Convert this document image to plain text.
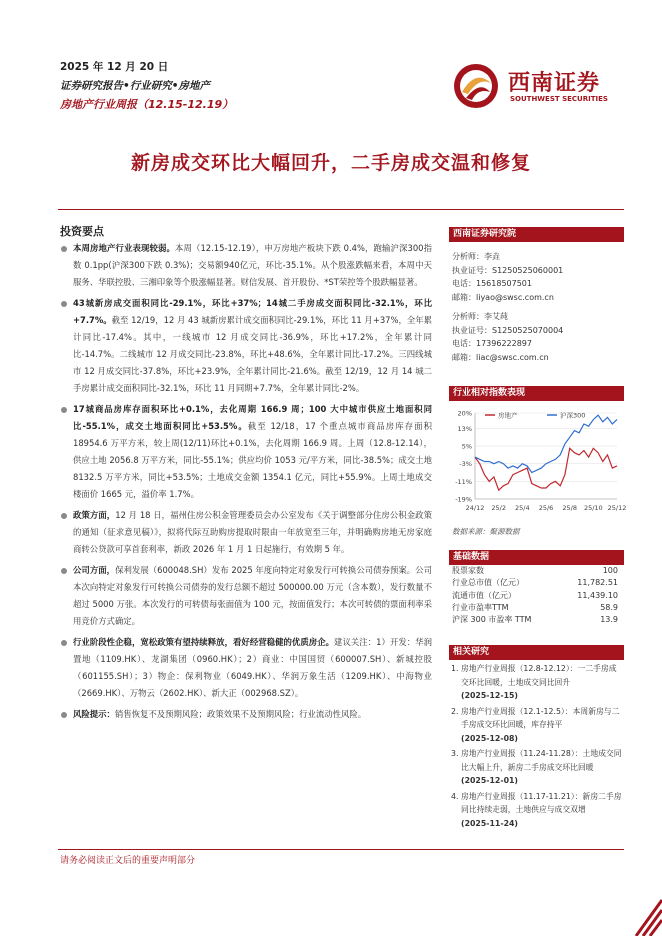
2025 年 12 月 20 日
证券研究报告•行业研究•房地产
房地产行业周报（12.15-12.19）
西南证券
SOUTHWEST SECURITIES
新房成交环比大幅回升，二手房成交温和修复
投资要点

本周房地产行业表现较弱。本周（12.15-12.19），申万房地产板块下跌 0.4%，跑输沪深300指数 0.1pp(沪深300下跌 0.3%)；交易额940亿元，环比-35.1%。从个股涨跌幅来看，本周中天服务、华联控股、三湘印象等个股涨幅显著。财信发展、首开股份、*ST荣控等个股跌幅显著。

43城新房成交面积同比-29.1%，环比+37%；14城二手房成交面积同比-32.1%，环比+7.7%。截至 12/19，12 月 43 城新房累计成交面积同比-29.1%，环比 11 月+37%，全年累计同比-17.4%。其中，一线城市 12 月成交同比-36.9%，环比+17.2%，全年累计同比-14.7%。二线城市 12 月成交同比-23.8%，环比+48.6%，全年累计同比-17.2%。三四线城市 12 月成交同比-37.8%，环比+23.9%，全年累计同比-21.6%。截至 12/19，12 月 14 城二手房累计成交面积同比-32.1%，环比 11 月同期+7.7%，全年累计同比-2%。

17城商品房库存面积环比+0.1%，去化周期 166.9 周；100 大中城市供应土地面积同比-55.1%，成交土地面积同比+53.5%。截至 12/18，17 个重点城市商品房库存面积 18954.6 万平方米，较上周(12/11)环比+0.1%，去化周期 166.9 周。上周（12.8-12.14），供应土地 2056.8 万平方米，同比-55.1%；供应均价 1053 元/平方米，同比-38.5%；成交土地 8132.5 万平方米，同比+53.5%；土地成交金额 1354.1 亿元，同比+55.9%。上周土地成交楼面价 1665 元，溢价率 1.7%。

政策方面，12 月 18 日，福州住房公积金管理委员会办公室发布《关于调整部分住房公积金政策的通知（征求意见稿）》，拟将代际互助购房提取时限由一年放宽至三年，并明确购房地无房家庭商转公贷款可享首套利率，新政 2026 年 1 月 1 日起施行，有效期 5 年。

公司方面，保利发展（600048.SH）发布 2025 年度向特定对象发行可转换公司债券预案。公司本次向特定对象发行可转换公司债券的发行总额不超过 500000.00 万元（含本数），发行数量不超过 5000 万张。本次发行的可转债每张面值为 100 元，按面值发行；本次可转债的票面利率采用竞价方式确定。

行业阶段性企稳，宽松政策有望持续释放，看好经营稳健的优质房企。建议关注：1）开发：华润置地（1109.HK）、龙湖集团（0960.HK）；2）商业：中国国贸（600007.SH）、新城控股（601155.SH）；3）物企：保利物业（6049.HK）、华润万象生活（1209.HK）、中海物业（2669.HK）、万物云（2602.HK）、新大正（002968.SZ）。

风险提示：销售恢复不及预期风险；政策效果不及预期风险；行业流动性风险。

西南证券研究院
分析师：李垚
执业证号：S1250525060001
电话：15618507501
邮箱：liyao@swsc.com.cn
分析师：李艾莼
执业证号：S1250525070004
电话：17396222897
邮箱：liac@swsc.com.cn
行业相对指数表现
20%
13%
5%
-3%
-11%
-19%
24/12 25/2 25/4 25/6 25/8 25/10 25/12
房地产	沪深300
数据来源：聚源数据
基础数据
股票家数	100
行业总市值（亿元）	11,782.51
流通市值（亿元）	11,439.10
行业市盈率TTM	58.9
沪深 300 市盈率 TTM	13.9
相关研究
1. 房地产行业周报（12.8-12.12）：一二手房成交环比回暖，土地成交同比回升
(2025-12-15)
2. 房地产行业周报（12.1-12.5）：本周新房与二手房成交环比回暖，库存持平
(2025-12-08)
3. 房地产行业周报（11.24-11.28）：土地成交同比大幅上升，新房二手房成交环比回暖
(2025-12-01)
4. 房地产行业周报（11.17-11.21）：新房二手房同比持续走弱，土地供应与成交双增
(2025-11-24)
请务必阅读正文后的重要声明部分
